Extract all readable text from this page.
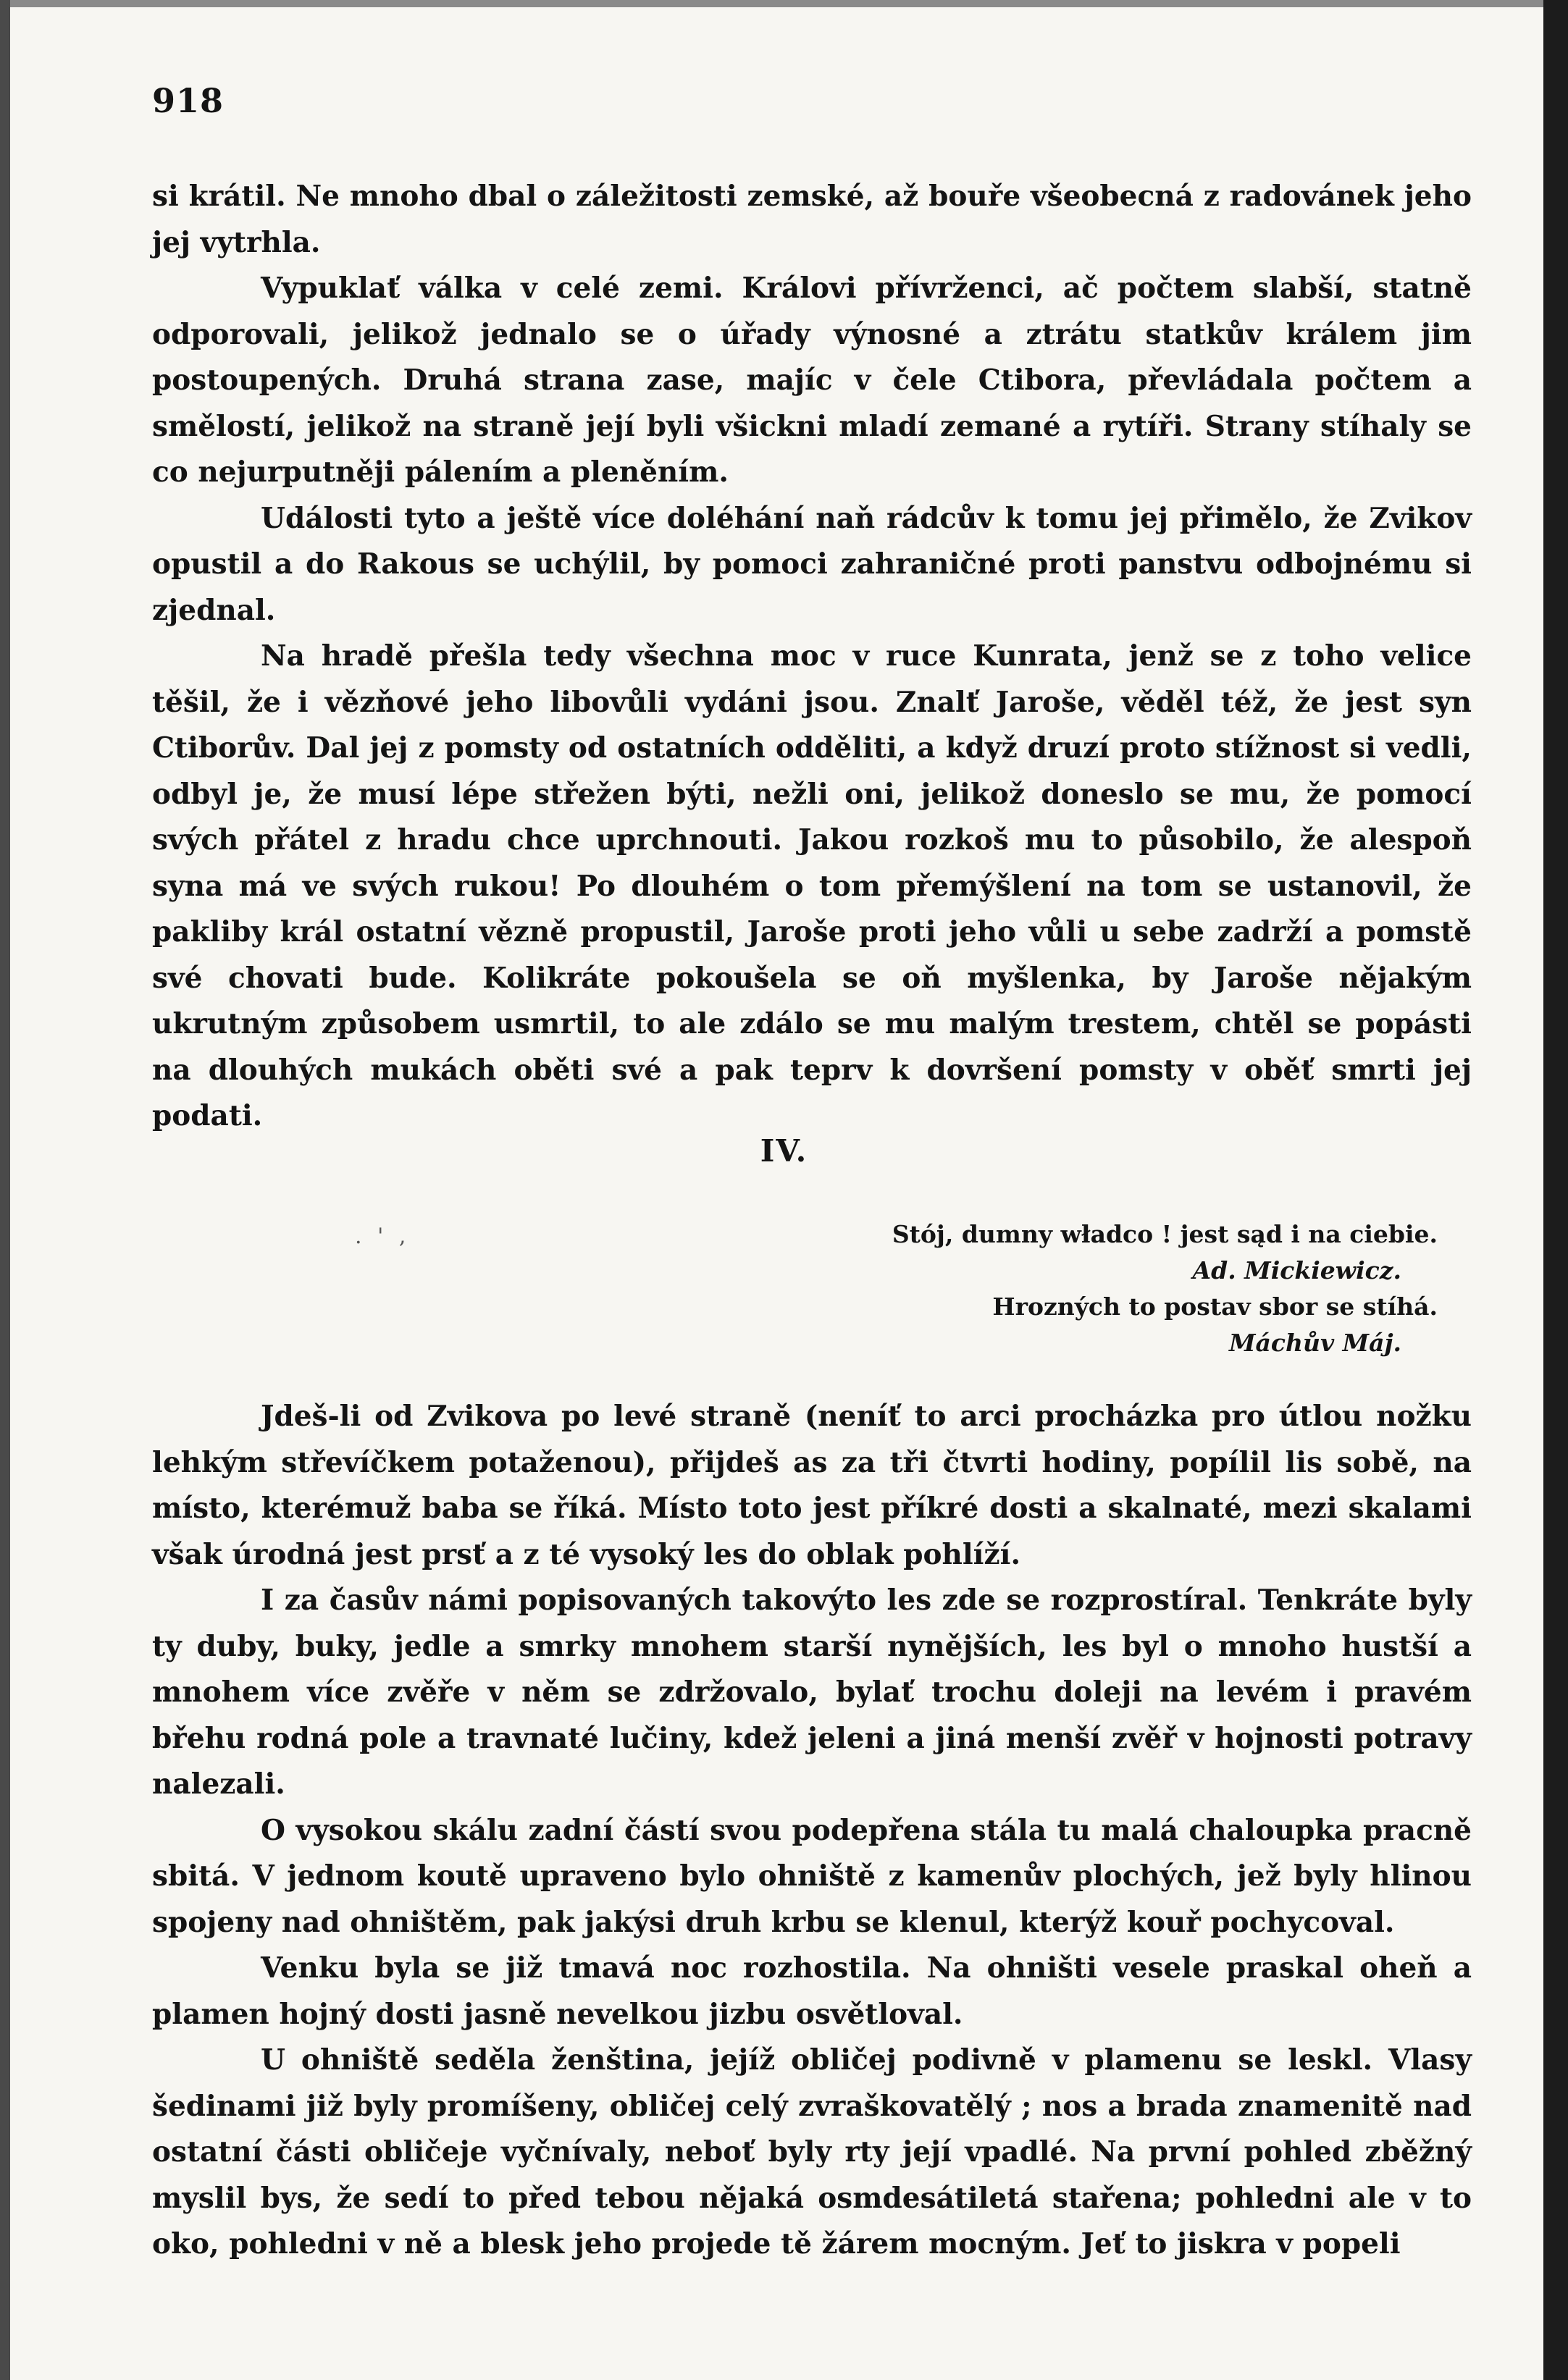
918

si krátil. Ne mnoho dbal o záležitosti zemské, až bouře všeobecná z radovánek jeho jej vytrhla.

Vypuklať válka v celé zemi. Královi přívrženci, ač počtem slabší, statně odporovali, jelikož jednalo se o úřady výnosné a ztrátu statkův králem jim postoupených. Druhá strana zase, majíc v čele Ctibora, převládala počtem a smělostí, jelikož na straně její byli všickni mladí zemané a rytíři. Strany stíhaly se co nejurputněji pálením a pleněním.

Události tyto a ještě více doléhání naň rádcův k tomu jej přimělo, že Zvikov opustil a do Rakous se uchýlil, by pomoci zahraničné proti panstvu odbojnému si zjednal.

Na hradě přešla tedy všechna moc v ruce Kunrata, jenž se z toho velice těšil, že i vězňové jeho libovůli vydáni jsou. Znalť Jaroše, věděl též, že jest syn Ctiborův. Dal jej z pomsty od ostatních odděliti, a když druzí proto stížnost si vedli, odbyl je, že musí lépe střežen býti, nežli oni, jelikož doneslo se mu, že pomocí svých přátel z hradu chce uprchnouti. Jakou rozkoš mu to působilo, že alespoň syna má ve svých rukou! Po dlouhém o tom přemýšlení na tom se ustanovil, že pakliby král ostatní vězně propustil, Jaroše proti jeho vůli u sebe zadrží a pomstě své chovati bude. Kolikráte pokoušela se oň myšlenka, by Jaroše nějakým ukrutným způsobem usmrtil, to ale zdálo se mu malým trestem, chtěl se popásti na dlouhých mukách oběti své a pak teprv k dovršení pomsty v oběť smrti jej podati.

IV.
. ' ,	Stój, dumny władco ! jest sąd i na ciebie.
Ad. Mickiewicz.
Hrozných to postav sbor se stíhá.
Máchův Máj.

Jdeš-li od Zvikova po levé straně (neníť to arci procházka pro útlou nožku lehkým střevíčkem potaženou), přijdeš as za tři čtvrti hodiny, popílil lis sobě, na místo, kterémuž baba se říká. Místo toto jest příkré dosti a skalnaté, mezi skalami však úrodná jest prsť a z té vysoký les do oblak pohlíží.

I za časův námi popisovaných takovýto les zde se rozprostíral. Tenkráte byly ty duby, buky, jedle a smrky mnohem starší nynějších, les byl o mnoho hustší a mnohem více zvěře v něm se zdržovalo, bylať trochu doleji na levém i pravém břehu rodná pole a travnaté lučiny, kdež jeleni a jiná menší zvěř v hojnosti potravy nalezali.

O vysokou skálu zadní částí svou podepřena stála tu malá chaloupka pracně sbitá. V jednom koutě upraveno bylo ohniště z kamenův plochých, jež byly hlinou spojeny nad ohništěm, pak jakýsi druh krbu se klenul, kterýž kouř pochycoval.

Venku byla se již tmavá noc rozhostila. Na ohništi vesele praskal oheň a plamen hojný dosti jasně nevelkou jizbu osvětloval.

U ohniště seděla ženština, jejíž obličej podivně v plamenu se leskl. Vlasy šedinami již byly promíšeny, obličej celý zvraškovatělý ; nos a brada znamenitě nad ostatní části obličeje vyčnívaly, neboť byly rty její vpadlé. Na první pohled zběžný myslil bys, že sedí to před tebou nějaká osmdesátiletá stařena; pohledni ale v to oko, pohledni v ně a blesk jeho projede tě žárem mocným. Jeť to jiskra v popeli
